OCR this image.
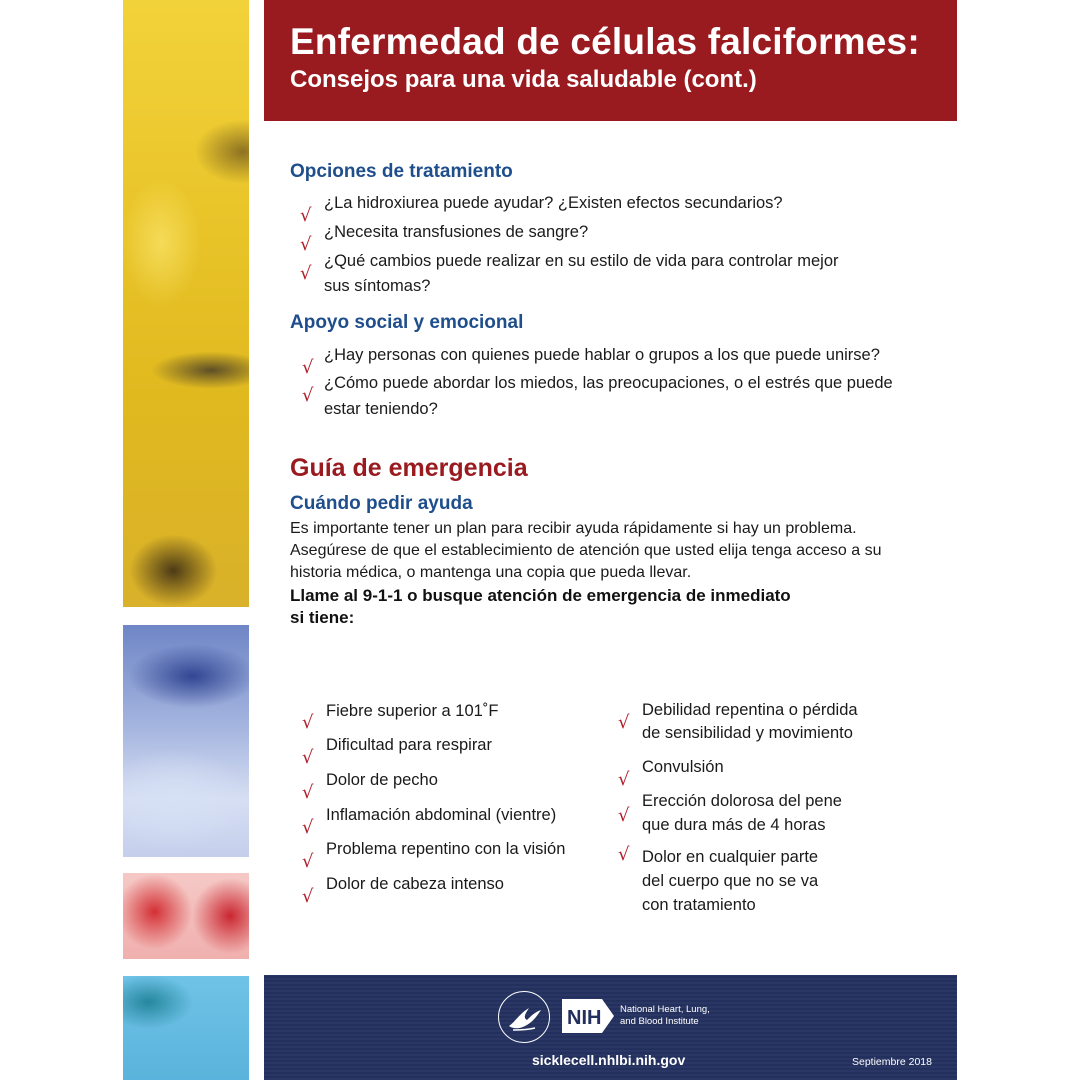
Enfermedad de células falciformes:
Consejos para una vida saludable (cont.)
Opciones de tratamiento
√
¿La hidroxiurea puede ayudar? ¿Existen efectos secundarios?
√
¿Necesita transfusiones de sangre?
√
¿Qué cambios puede realizar en su estilo de vida para controlar mejor
sus síntomas?
Apoyo social y emocional
√
¿Hay personas con quienes puede hablar o grupos a los que puede unirse?
√
¿Cómo puede abordar los miedos, las preocupaciones, o el estrés que puede
estar teniendo?
Guía de emergencia
Cuándo pedir ayuda
Es importante tener un plan para recibir ayuda rápidamente si hay un problema.
Asegúrese de que el establecimiento de atención que usted elija tenga acceso a su
historia médica, o mantenga una copia que pueda llevar.
Llame al 9-1-1 o busque atención de emergencia de inmediato
si tiene:
√
Fiebre superior a 101˚F
√
Dificultad para respirar
√
Dolor de pecho
√
Inflamación abdominal (vientre)
√
Problema repentino con la visión
√
Dolor de cabeza intenso
√
Debilidad repentina o pérdida
de sensibilidad y movimiento
√
Convulsión
√
Erección dolorosa del pene
que dura más de 4 horas
√ Dolor en cualquier parte
del cuerpo que no se va
con tratamiento
NIH National Heart, Lung,
and Blood Institute
sicklecell.nhlbi.nih.gov	Septiembre 2018
